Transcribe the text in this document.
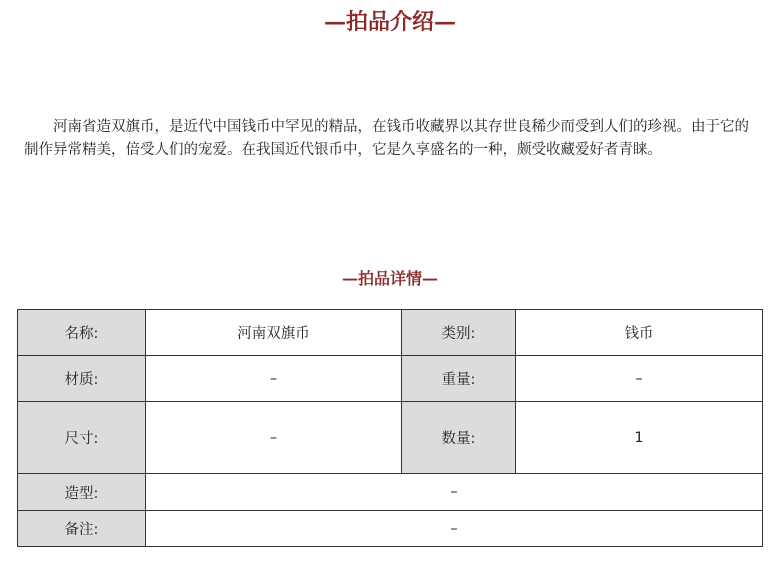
—拍品介绍—

河南省造双旗币，是近代中国钱币中罕见的精品，在钱币收藏界以其存世良稀少而受到人们的珍视。由于它的制作异常精美，倍受人们的宠爱。在我国近代银币中，它是久享盛名的一种，颇受收藏爱好者青睐。

—拍品详情—
名称:	河南双旗币	类别:	钱币
材质:	–	重量:	–
尺寸:	–	数量:	1
造型:	–		
备注:	–		
